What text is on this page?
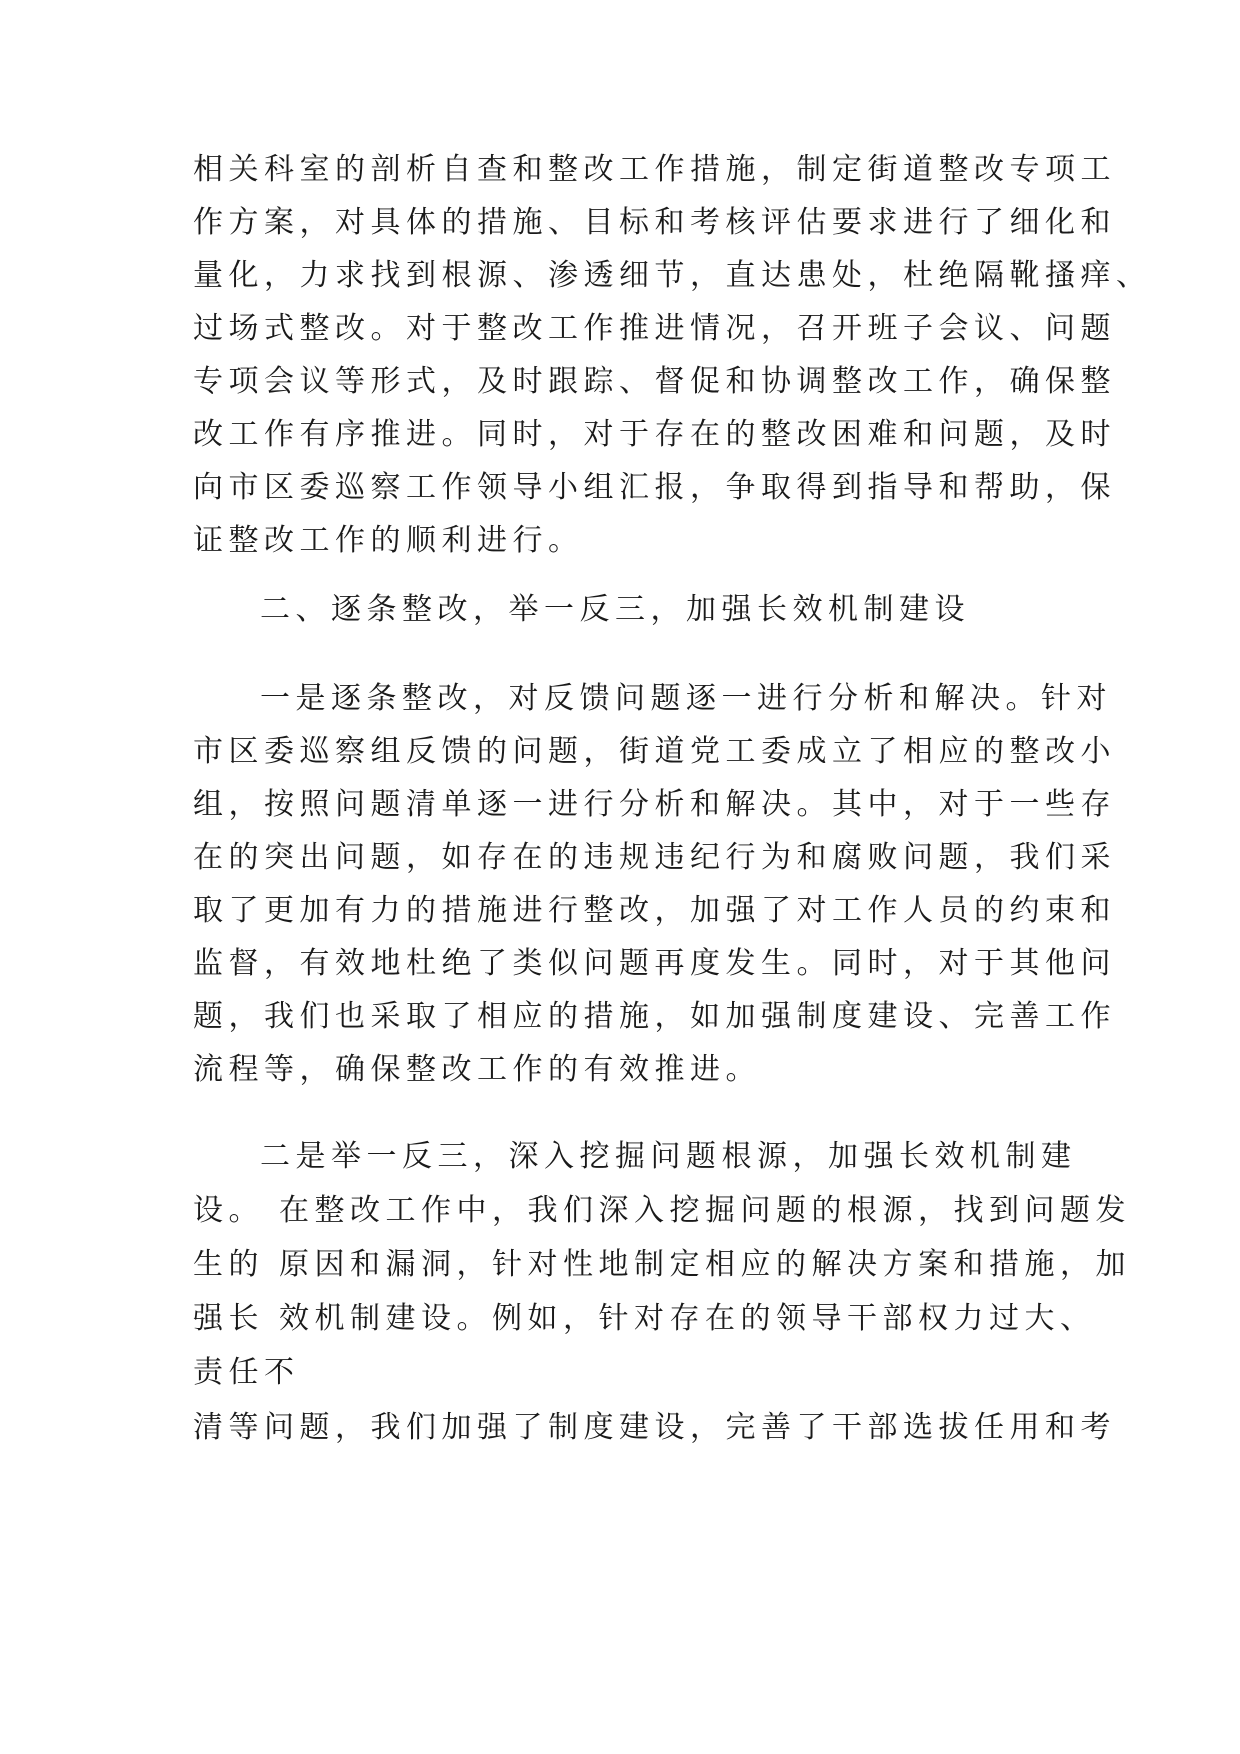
相关科室的剖析自查和整改工作措施，制定街道整改专项工
作方案，对具体的措施、目标和考核评估要求进行了细化和
量化，力求找到根源、渗透细节，直达患处，杜绝隔靴搔痒、
过场式整改。对于整改工作推进情况，召开班子会议、问题
专项会议等形式，及时跟踪、督促和协调整改工作，确保整
改工作有序推进。同时，对于存在的整改困难和问题，及时
向市区委巡察工作领导小组汇报，争取得到指导和帮助，保
证整改工作的顺利进行。
二、逐条整改，举一反三，加强长效机制建设
一是逐条整改，对反馈问题逐一进行分析和解决。针对
市区委巡察组反馈的问题，街道党工委成立了相应的整改小
组，按照问题清单逐一进行分析和解决。其中，对于一些存
在的突出问题，如存在的违规违纪行为和腐败问题，我们采
取了更加有力的措施进行整改，加强了对工作人员的约束和
监督，有效地杜绝了类似问题再度发生。同时，对于其他问
题，我们也采取了相应的措施，如加强制度建设、完善工作
流程等，确保整改工作的有效推进。
二是举一反三，深入挖掘问题根源，加强长效机制建
设。 在整改工作中，我们深入挖掘问题的根源，找到问题发
生的 原因和漏洞，针对性地制定相应的解决方案和措施，加
强长 效机制建设。例如，针对存在的领导干部权力过大、
责任不
清等问题，我们加强了制度建设，完善了干部选拔任用和考
